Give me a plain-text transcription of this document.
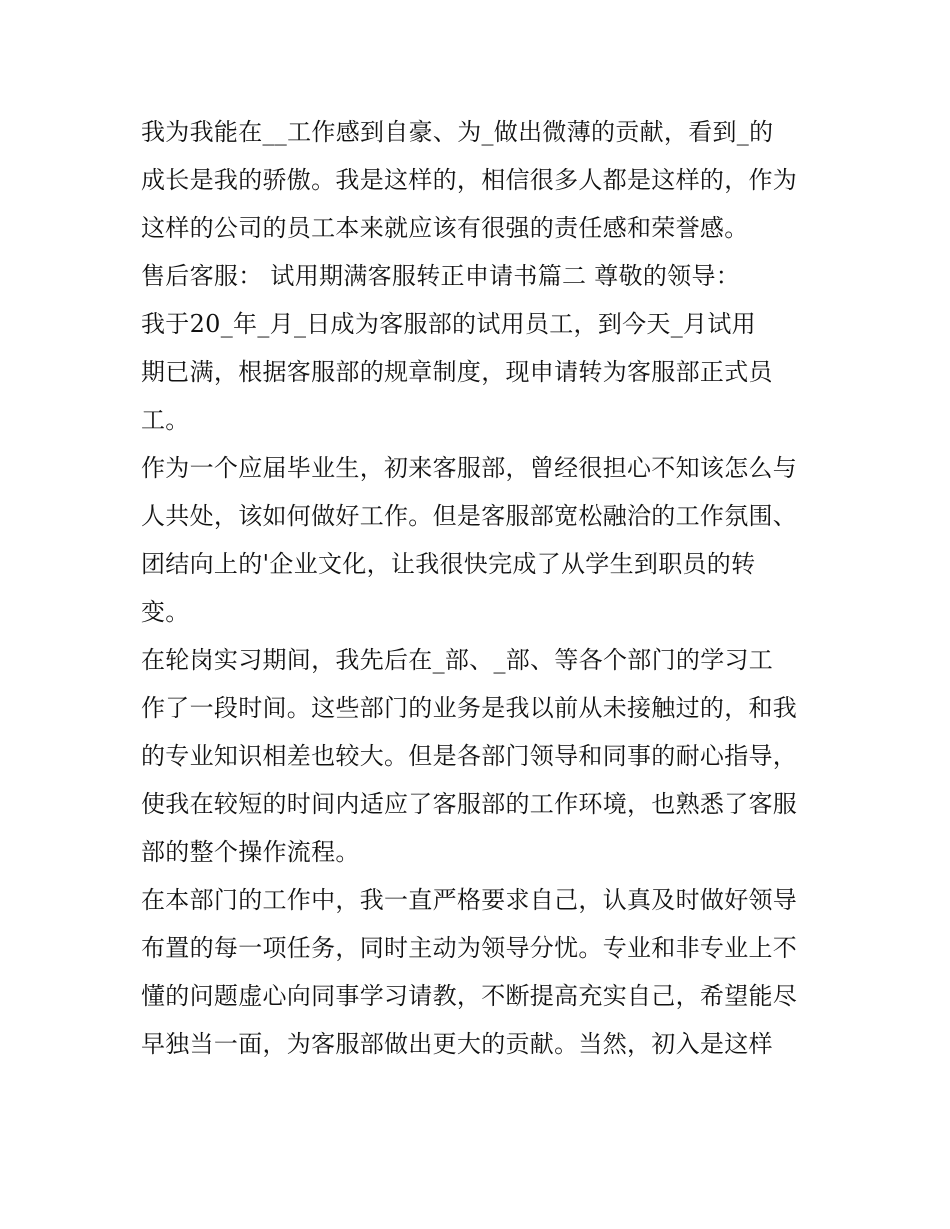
我为我能在__工作感到自豪、为_做出微薄的贡献，看到_的
成长是我的骄傲。我是这样的，相信很多人都是这样的，作为
这样的公司的员工本来就应该有很强的责任感和荣誉感。
售后客服： 试用期满客服转正申请书篇二 尊敬的领导：
我于20_年_月_日成为客服部的试用员工，到今天_月试用
期已满，根据客服部的规章制度，现申请转为客服部正式员
工。
作为一个应届毕业生，初来客服部，曾经很担心不知该怎么与
人共处，该如何做好工作。但是客服部宽松融洽的工作氛围、
团结向上的'企业文化，让我很快完成了从学生到职员的转
变。
在轮岗实习期间，我先后在_部、_部、等各个部门的学习工
作了一段时间。这些部门的业务是我以前从未接触过的，和我
的专业知识相差也较大。但是各部门领导和同事的耐心指导，
使我在较短的时间内适应了客服部的工作环境，也熟悉了客服
部的整个操作流程。
在本部门的工作中，我一直严格要求自己，认真及时做好领导
布置的每一项任务，同时主动为领导分忧。专业和非专业上不
懂的问题虚心向同事学习请教，不断提高充实自己，希望能尽
早独当一面，为客服部做出更大的贡献。当然，初入是这样
